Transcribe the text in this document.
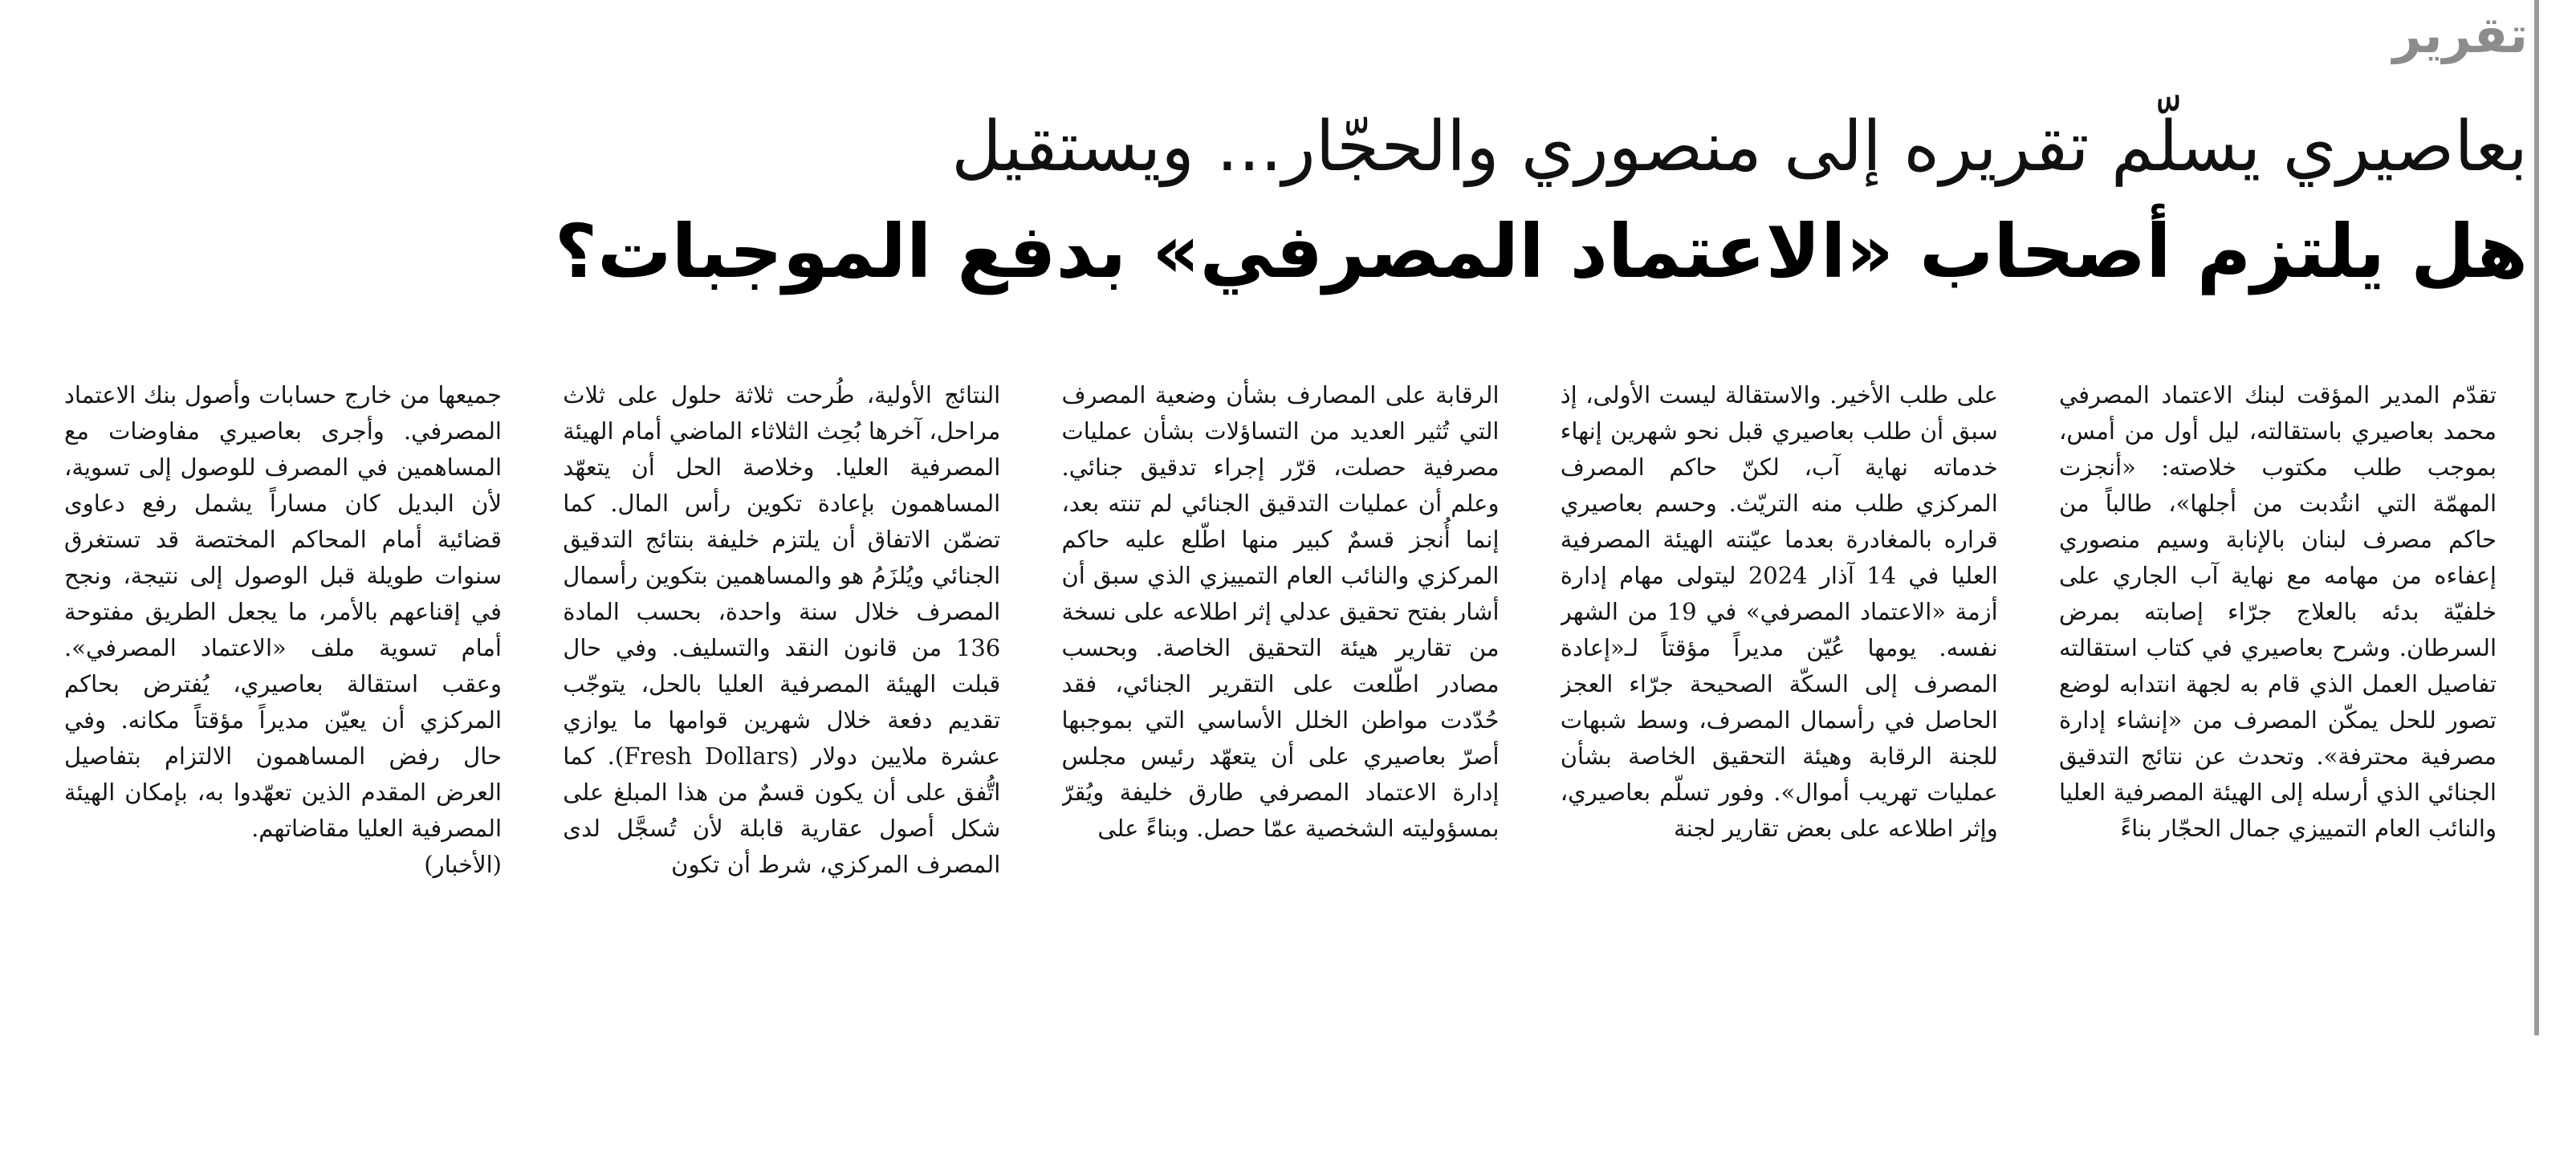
تقرير
بعاصيري يسلّم تقريره إلى منصوري والحجّار... ويستقيل
هل يلتزم أصحاب «الاعتماد المصرفي» بدفع الموجبات؟

تقدّم المدير المؤقت لبنك الاعتماد المصرفي محمد بعاصيري باستقالته، ليل أول من أمس، بموجب طلب مكتوب خلاصته: «أنجزت المهمّة التي انتُدبت من أجلها»، طالباً من حاكم مصرف لبنان بالإنابة وسيم منصوري إعفاءه من مهامه مع نهاية آب الجاري على خلفيّة بدئه بالعلاج جرّاء إصابته بمرض السرطان. وشرح بعاصيري في كتاب استقالته تفاصيل العمل الذي قام به لجهة انتدابه لوضع تصور للحل يمكّن المصرف من «إنشاء إدارة مصرفية محترفة». وتحدث عن نتائج التدقيق الجنائي الذي أرسله إلى الهيئة المصرفية العليا والنائب العام التمييزي جمال الحجّار بناءً

على طلب الأخير. والاستقالة ليست الأولى، إذ سبق أن طلب بعاصيري قبل نحو شهرين إنهاء خدماته نهاية آب، لكنّ حاكم المصرف المركزي طلب منه التريّث. وحسم بعاصيري قراره بالمغادرة بعدما عيّنته الهيئة المصرفية العليا في 14 آذار 2024 ليتولى مهام إدارة أزمة «الاعتماد المصرفي» في 19 من الشهر نفسه. يومها عُيّن مديراً مؤقتاً لـ«إعادة المصرف إلى السكّة الصحيحة جرّاء العجز الحاصل في رأسمال المصرف، وسط شبهات للجنة الرقابة وهيئة التحقيق الخاصة بشأن عمليات تهريب أموال». وفور تسلّم بعاصيري، وإثر اطلاعه على بعض تقارير لجنة

الرقابة على المصارف بشأن وضعية المصرف التي تُثير العديد من التساؤلات بشأن عمليات مصرفية حصلت، قرّر إجراء تدقيق جنائي. وعلم أن عمليات التدقيق الجنائي لم تنته بعد، إنما أُنجز قسمٌ كبير منها اطّلع عليه حاكم المركزي والنائب العام التمييزي الذي سبق أن أشار بفتح تحقيق عدلي إثر اطلاعه على نسخة من تقارير هيئة التحقيق الخاصة. وبحسب مصادر اطّلعت على التقرير الجنائي، فقد حُدّدت مواطن الخلل الأساسي التي بموجبها أصرّ بعاصيري على أن يتعهّد رئيس مجلس إدارة الاعتماد المصرفي طارق خليفة ويُقرّ بمسؤوليته الشخصية عمّا حصل. وبناءً على

النتائج الأولية، طُرحت ثلاثة حلول على ثلاث مراحل، آخرها بُحِث الثلاثاء الماضي أمام الهيئة المصرفية العليا. وخلاصة الحل أن يتعهّد المساهمون بإعادة تكوين رأس المال. كما تضمّن الاتفاق أن يلتزم خليفة بنتائج التدقيق الجنائي ويُلزَمُ هو والمساهمين بتكوين رأسمال المصرف خلال سنة واحدة، بحسب المادة 136 من قانون النقد والتسليف. وفي حال قبلت الهيئة المصرفية العليا بالحل، يتوجّب تقديم دفعة خلال شهرين قوامها ما يوازي عشرة ملايين دولار (Fresh Dollars). كما اتُّفق على أن يكون قسمٌ من هذا المبلغ على شكل أصول عقارية قابلة لأن تُسجَّل لدى المصرف المركزي، شرط أن تكون

جميعها من خارج حسابات وأصول بنك الاعتماد المصرفي. وأجرى بعاصيري مفاوضات مع المساهمين في المصرف للوصول إلى تسوية، لأن البديل كان مساراً يشمل رفع دعاوى قضائية أمام المحاكم المختصة قد تستغرق سنوات طويلة قبل الوصول إلى نتيجة، ونجح في إقناعهم بالأمر، ما يجعل الطريق مفتوحة أمام تسوية ملف «الاعتماد المصرفي». وعقب استقالة بعاصيري، يُفترض بحاكم المركزي أن يعيّن مديراً مؤقتاً مكانه. وفي حال رفض المساهمون الالتزام بتفاصيل العرض المقدم الذين تعهّدوا به، بإمكان الهيئة المصرفية العليا مقاضاتهم.

(الأخبار)
